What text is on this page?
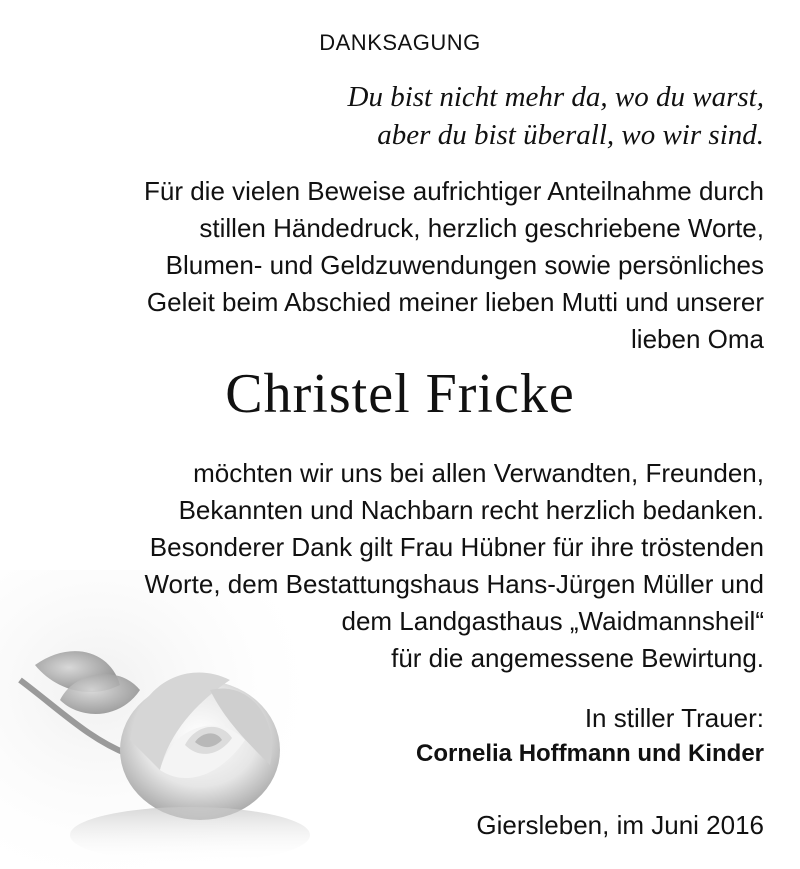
DANKSAGUNG
Du bist nicht mehr da, wo du warst,
aber du bist überall, wo wir sind.
Für die vielen Beweise aufrichtiger Anteilnahme durch
stillen Händedruck, herzlich geschriebene Worte,
Blumen- und Geldzuwendungen sowie persönliches
Geleit beim Abschied meiner lieben Mutti und unserer
lieben Oma
Christel Fricke
möchten wir uns bei allen Verwandten, Freunden,
Bekannten und Nachbarn recht herzlich bedanken.
Besonderer Dank gilt Frau Hübner für ihre tröstenden
Worte, dem Bestattungshaus Hans-Jürgen Müller und
dem Landgasthaus „Waidmannsheil“
für die angemessene Bewirtung.
In stiller Trauer:
Cornelia Hoffmann und Kinder
Giersleben, im Juni 2016
